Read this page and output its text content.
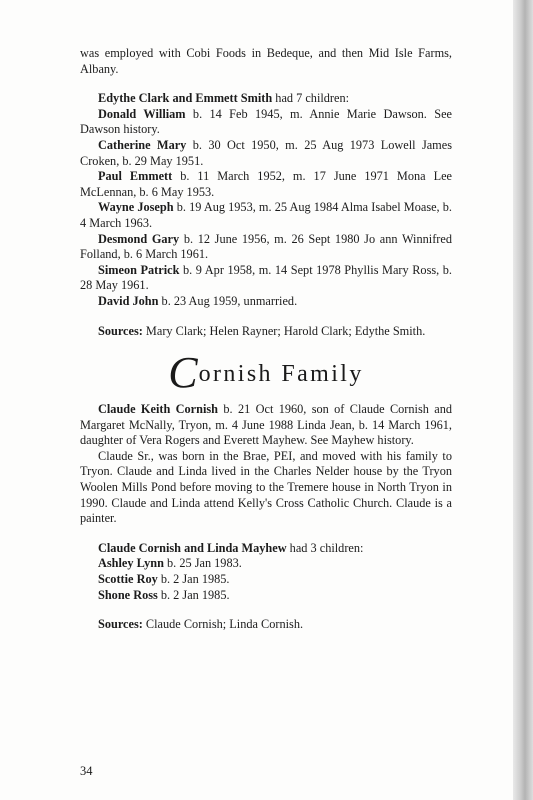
was employed with Cobi Foods in Bedeque, and then Mid Isle Farms, Albany.

Edythe Clark and Emmett Smith had 7 children:

Donald William b. 14 Feb 1945, m. Annie Marie Dawson. See Dawson history.

Catherine Mary b. 30 Oct 1950, m. 25 Aug 1973 Lowell James Croken, b. 29 May 1951.

Paul Emmett b. 11 March 1952, m. 17 June 1971 Mona Lee McLennan, b. 6 May 1953.

Wayne Joseph b. 19 Aug 1953, m. 25 Aug 1984 Alma Isabel Moase, b. 4 March 1963.

Desmond Gary b. 12 June 1956, m. 26 Sept 1980 Jo ann Winnifred Folland, b. 6 March 1961.

Simeon Patrick b. 9 Apr 1958, m. 14 Sept 1978 Phyllis Mary Ross, b. 28 May 1961.

David John b. 23 Aug 1959, unmarried.

Sources: Mary Clark; Helen Rayner; Harold Clark; Edythe Smith.

Cornish Family

Claude Keith Cornish b. 21 Oct 1960, son of Claude Cornish and Margaret McNally, Tryon, m. 4 June 1988 Linda Jean, b. 14 March 1961, daughter of Vera Rogers and Everett Mayhew. See Mayhew history.

Claude Sr., was born in the Brae, PEI, and moved with his family to Tryon. Claude and Linda lived in the Charles Nelder house by the Tryon Woolen Mills Pond before moving to the Tremere house in North Tryon in 1990. Claude and Linda attend Kelly's Cross Catholic Church. Claude is a painter.

Claude Cornish and Linda Mayhew had 3 children:

Ashley Lynn b. 25 Jan 1983.

Scottie Roy b. 2 Jan 1985.

Shone Ross b. 2 Jan 1985.

Sources: Claude Cornish; Linda Cornish.

34
